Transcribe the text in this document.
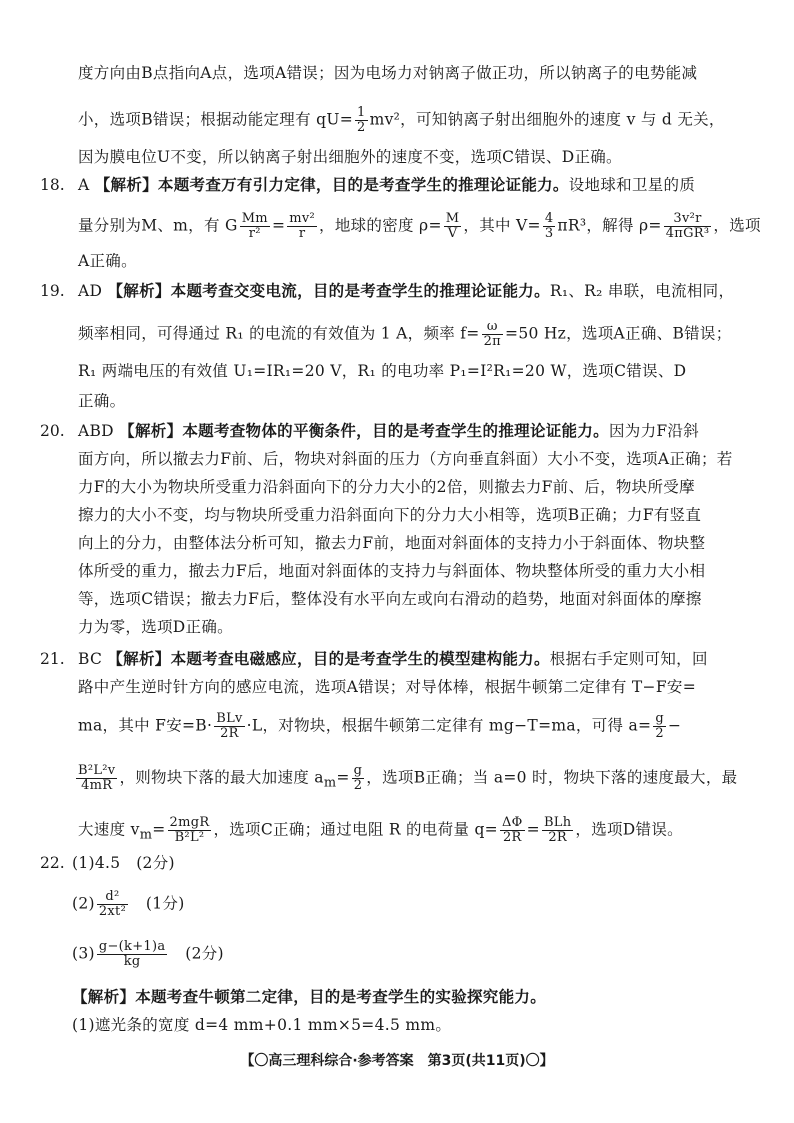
度方向由B点指向A点，选项A错误；因为电场力对钠离子做正功，所以钠离子的电势能减
小，选项B错误；根据动能定理有 $qU= \frac{1}{2} mv^2$，可知钠离子射出细胞外的速度 v 与 d 无关，
因为膜电位U不变，所以钠离子射出细胞外的速度不变，选项C错误、D正确。
18. A 【解析】本题考查万有引力定律，目的是考查学生的推理论证能力。设地球和卫星的质
量分别为M、m，有 G $\frac{Mm}{\text{r²}} = \frac{\text{mv²}}{r}$ ，地球的密度 $\rho= \frac{M}{V}$ ，其中 $V= \frac{4}{3} \pi R^3$，解得 $\rho= \frac{\text{3v²r}}{\text{4πGR³}}$ ，选项
A正确。
19. AD 【解析】本题考查交变电流，目的是考查学生的推理论证能力。R₁、R₂ 串联，电流相同，
频率相同，可得通过 R₁ 的电流的有效值为 1 A，频率 $f= \frac{\omega}{2\pi} =50$ Hz，选项A正确、B错误；
R₁ 两端电压的有效值 U₁=IR₁=20 V，R₁ 的电功率 P₁=I²R₁=20 W，选项C错误、D
正确。
20. ABD 【解析】本题考查物体的平衡条件，目的是考查学生的推理论证能力。因为力F沿斜
面方向，所以撤去力F前、后，物块对斜面的压力（方向垂直斜面）大小不变，选项A正确；若
力F的大小为物块所受重力沿斜面向下的分力大小的2倍，则撤去力F前、后，物块所受摩
擦力的大小不变，均与物块所受重力沿斜面向下的分力大小相等，选项B正确；力F有竖直
向上的分力，由整体法分析可知，撤去力F前，地面对斜面体的支持力小于斜面体、物块整
体所受的重力，撤去力F后，地面对斜面体的支持力与斜面体、物块整体所受的重力大小相
等，选项C错误；撤去力F后，整体没有水平向左或向右滑动的趋势，地面对斜面体的摩擦
力为零，选项D正确。
21. BC 【解析】本题考查电磁感应，目的是考查学生的模型建构能力。根据右手定则可知，回
路中产生逆时针方向的感应电流，选项A错误；对导体棒，根据牛顿第二定律有 T−F安=
ma，其中 F安$=B\cdot \frac{\text{BLv}}{2R} \cdot L$，对物块，根据牛顿第二定律有 mg−T=ma，可得 $a= \frac{g}{2}$ −
$\frac{\text{B²L²v}}{4mR}$ ，则物块下落的最大加速度 $a_m= \frac{g}{2}$ ，选项B正确；当 a=0 时，物块下落的速度最大，最
大速度 $v_m= \frac{\text{2mgR}}{\text{B²L²}}$ ，选项C正确；通过电阻 R 的电荷量 $q= \frac{\Delta\Phi}{2R} = \frac{\text{BLh}}{2R}$ ，选项D错误。
22. (1)4.5　(2分)
$(2) \frac{\text{d²}}{\text{2xt²}}$
　 (1分)
$(3) \frac{g-(k+1)a}{kg}$
　 (2分)
【解析】本题考查牛顿第二定律，目的是考查学生的实验探究能力。
(1)遮光条的宽度 d=4 mm+0.1 mm×5=4.5 mm。
【〇高三理科综合·参考答案　第3页(共11页)〇】
